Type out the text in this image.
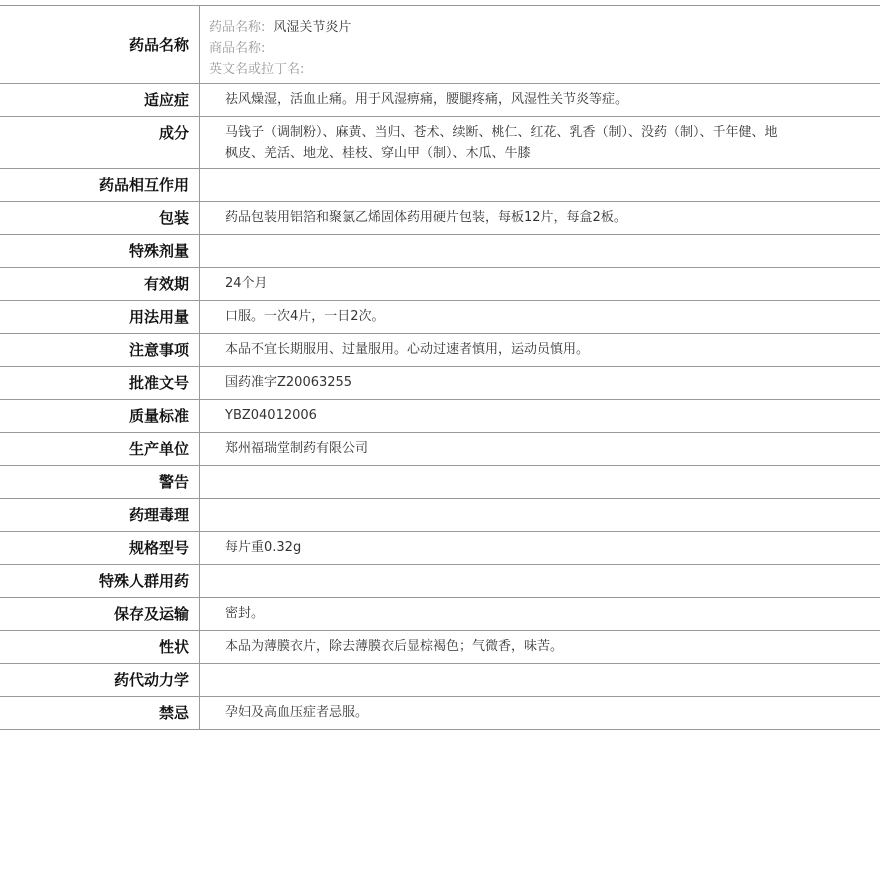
药品名称
药品名称: 风湿关节炎片
商品名称:
英文名或拉丁名:
适应症	祛风燥湿，活血止痛。用于风湿痹痛，腰腿疼痛，风湿性关节炎等症。
成分	马钱子（调制粉）、麻黄、当归、苍术、续断、桃仁、红花、乳香（制）、没药（制）、千年健、地枫皮、羌活、地龙、桂枝、穿山甲（制）、木瓜、牛膝
药品相互作用
包装	药品包装用铝箔和聚氯乙烯固体药用硬片包装，每板12片，每盒2板。
特殊剂量
有效期	24个月
用法用量	口服。一次4片，一日2次。
注意事项	本品不宜长期服用、过量服用。心动过速者慎用，运动员慎用。
批准文号	国药准字Z20063255
质量标准	YBZ04012006
生产单位	郑州福瑞堂制药有限公司
警告
药理毒理
规格型号	每片重0.32g
特殊人群用药
保存及运输	密封。
性状	本品为薄膜衣片，除去薄膜衣后显棕褐色；气微香，味苦。
药代动力学
禁忌	孕妇及高血压症者忌服。
